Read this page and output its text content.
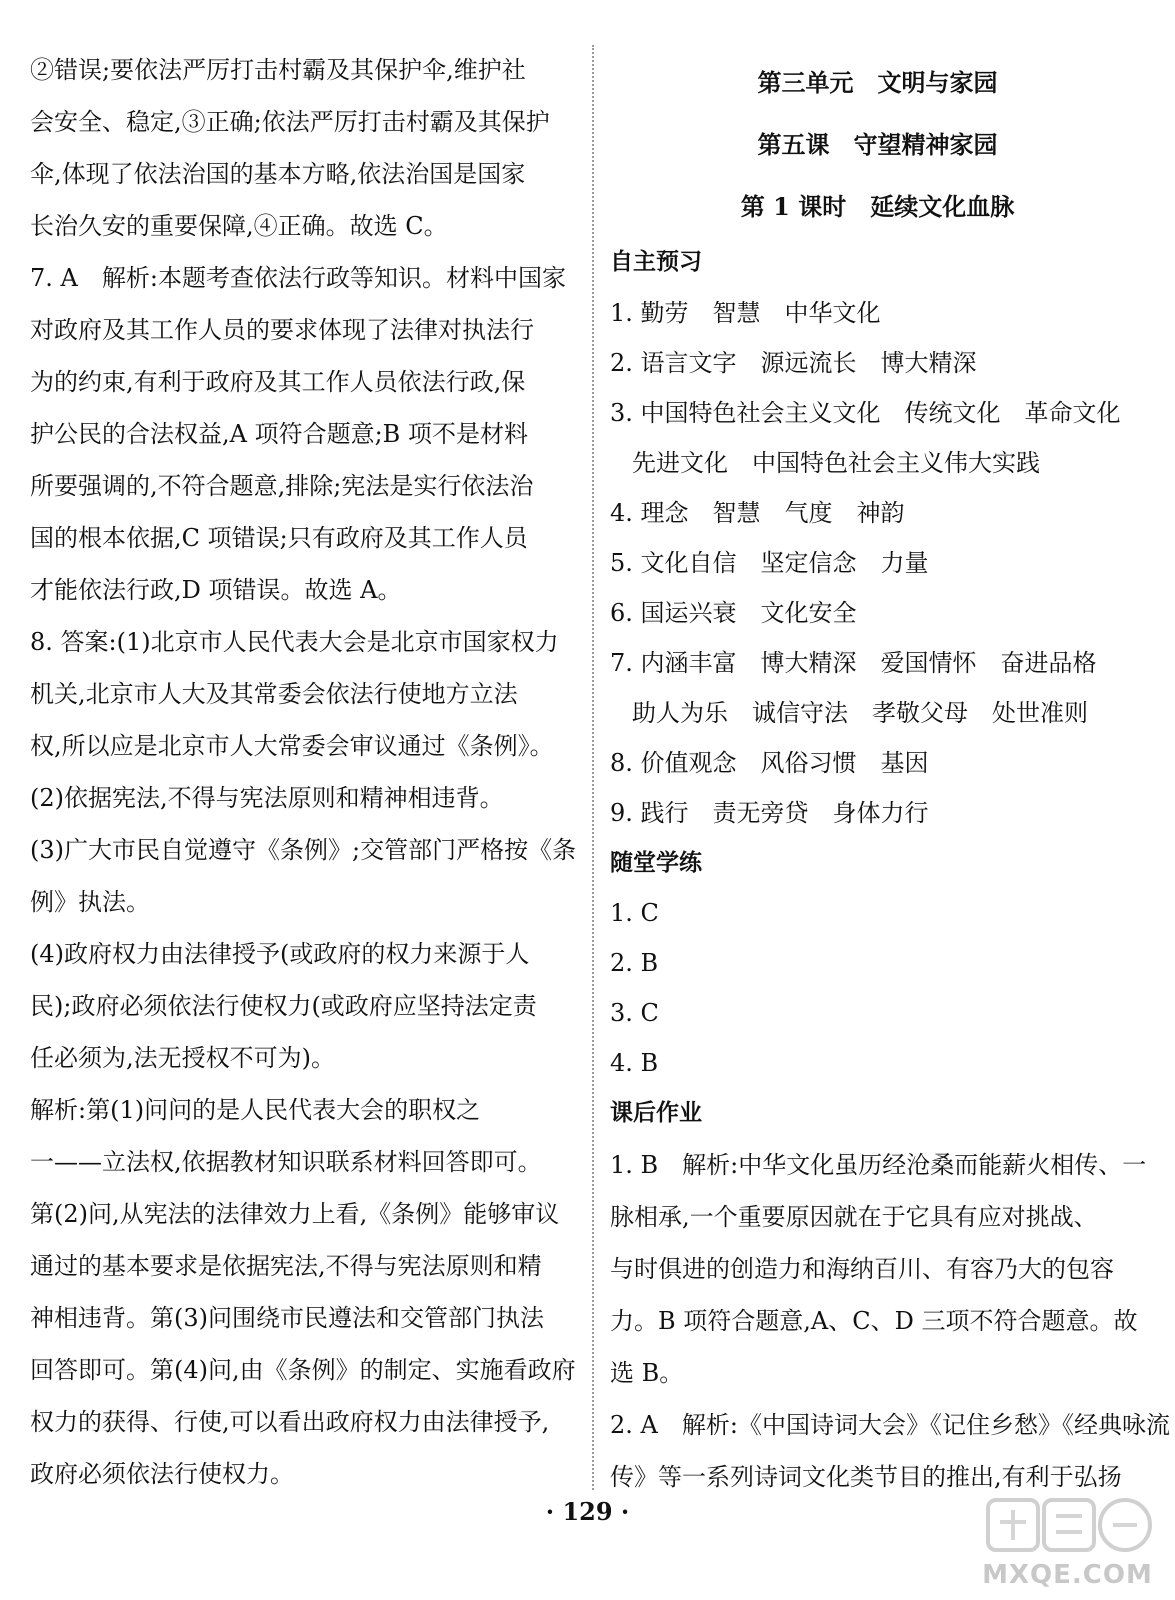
②错误;要依法严厉打击村霸及其保护伞,维护社
会安全、稳定,③正确;依法严厉打击村霸及其保护
伞,体现了依法治国的基本方略,依法治国是国家
长治久安的重要保障,④正确。故选 C。
7. A　解析:本题考查依法行政等知识。材料中国家
对政府及其工作人员的要求体现了法律对执法行
为的约束,有利于政府及其工作人员依法行政,保
护公民的合法权益,A 项符合题意;B 项不是材料
所要强调的,不符合题意,排除;宪法是实行依法治
国的根本依据,C 项错误;只有政府及其工作人员
才能依法行政,D 项错误。故选 A。
8. 答案:(1)北京市人民代表大会是北京市国家权力
机关,北京市人大及其常委会依法行使地方立法
权,所以应是北京市人大常委会审议通过《条例》。
(2)依据宪法,不得与宪法原则和精神相违背。
(3)广大市民自觉遵守《条例》;交管部门严格按《条
例》执法。
(4)政府权力由法律授予(或政府的权力来源于人
民);政府必须依法行使权力(或政府应坚持法定责
任必须为,法无授权不可为)。
解析:第(1)问问的是人民代表大会的职权之
一——立法权,依据教材知识联系材料回答即可。
第(2)问,从宪法的法律效力上看,《条例》能够审议
通过的基本要求是依据宪法,不得与宪法原则和精
神相违背。第(3)问围绕市民遵法和交管部门执法
回答即可。第(4)问,由《条例》的制定、实施看政府
权力的获得、行使,可以看出政府权力由法律授予,
政府必须依法行使权力。
第三单元　文明与家园
第五课　守望精神家园
第 1 课时　延续文化血脉
自主预习
1. 勤劳　智慧　中华文化
2. 语言文字　源远流长　博大精深
3. 中国特色社会主义文化　传统文化　革命文化
先进文化　中国特色社会主义伟大实践
4. 理念　智慧　气度　神韵
5. 文化自信　坚定信念　力量
6. 国运兴衰　文化安全
7. 内涵丰富　博大精深　爱国情怀　奋进品格
助人为乐　诚信守法　孝敬父母　处世准则
8. 价值观念　风俗习惯　基因
9. 践行　责无旁贷　身体力行
随堂学练
1. C
2. B
3. C
4. B
课后作业
1. B　解析:中华文化虽历经沧桑而能薪火相传、一
脉相承,一个重要原因就在于它具有应对挑战、
与时俱进的创造力和海纳百川、有容乃大的包容
力。B 项符合题意,A、C、D 三项不符合题意。故
选 B。
2. A　解析:《中国诗词大会》《记住乡愁》《经典咏流
传》等一系列诗词文化类节目的推出,有利于弘扬
· 129 ·
MXQE.COM
